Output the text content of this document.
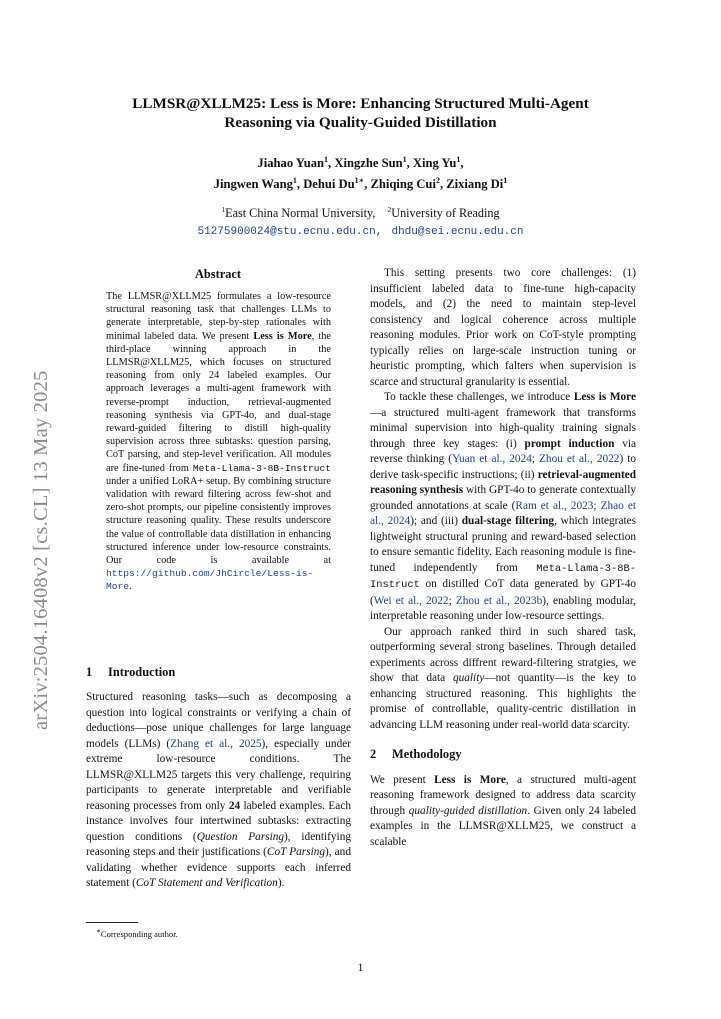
LLMSR@XLLM25: Less is More: Enhancing Structured Multi-Agent
Reasoning via Quality-Guided Distillation
Jiahao Yuan$^1$, Xingzhe Sun$^1$, Xing Yu$^1$,
Jingwen Wang$^1$, Dehui $Du^{1∗}$, Zhiqing Cui$^2$, Zixiang Di$^1$
$^1$East China Normal University, $^2$University of Reading
51275900024@stu.ecnu.edu.cn, dhdu@sei.ecnu.edu.cn
arXiv:2504.16408v2 [cs.CL] 13 May 2025
Abstract
The LLMSR@XLLM25 formulates a low-resource structural reasoning task that challenges LLMs to generate interpretable, step-by-step rationales with minimal labeled data. We present Less is More, the third-place winning approach in the LLMSR@XLLM25, which focuses on structured reasoning from only 24 labeled examples. Our approach leverages a multi-agent framework with reverse-prompt induction, retrieval-augmented reasoning synthesis via GPT-4o, and dual-stage reward-guided filtering to distill high-quality supervision across three subtasks: question parsing, CoT parsing, and step-level verification. All modules are fine-tuned from Meta-Llama-3-8B-Instruct under a unified LoRA+ setup. By combining structure validation with reward filtering across few-shot and zero-shot prompts, our pipeline consistently improves structure reasoning quality. These results underscore the value of controllable data distillation in enhancing structured inference under low-resource constraints. Our code is available at https://github.com/JhCircle/Less-is-More.
1 Introduction
Structured reasoning tasks—such as decomposing a question into logical constraints or verifying a chain of deductions—pose unique challenges for large language models (LLMs) (Zhang et al., 2025), especially under extreme low-resource conditions. The LLMSR@XLLM25 targets this very challenge, requiring participants to generate interpretable and verifiable reasoning processes from only 24 labeled examples. Each instance involves four intertwined subtasks: extracting question conditions (Question Parsing), identifying reasoning steps and their justifications (CoT Parsing), and validating whether evidence supports each inferred statement (CoT Statement and Verification).
∗Corresponding author.

This setting presents two core challenges: (1) insufficient labeled data to fine-tune high-capacity models, and (2) the need to maintain step-level consistency and logical coherence across multiple reasoning modules. Prior work on CoT-style prompting typically relies on large-scale instruction tuning or heuristic prompting, which falters when supervision is scarce and structural granularity is essential.

To tackle these challenges, we introduce Less is More—a structured multi-agent framework that transforms minimal supervision into high-quality training signals through three key stages: (i) prompt induction via reverse thinking (Yuan et al., 2024; Zhou et al., 2022) to derive task-specific instructions; (ii) retrieval-augmented reasoning synthesis with GPT-4o to generate contextually grounded annotations at scale (Ram et al., 2023; Zhao et al., 2024); and (iii) dual-stage filtering, which integrates lightweight structural pruning and reward-based selection to ensure semantic fidelity. Each reasoning module is fine-tuned independently from Meta-Llama-3-8B-Instruct on distilled CoT data generated by GPT-4o (Wei et al., 2022; Zhou et al., 2023b), enabling modular, interpretable reasoning under low-resource settings.

Our approach ranked third in such shared task, outperforming several strong baselines. Through detailed experiments across diffrent reward-filtering stratgies, we show that data quality—not quantity—is the key to enhancing structured reasoning. This highlights the promise of controllable, quality-centric distillation in advancing LLM reasoning under real-world data scarcity.

2 Methodology

We present Less is More, a structured multi-agent reasoning framework designed to address data scarcity through quality-guided distillation. Given only 24 labeled examples in the LLMSR@XLLM25, we construct a scalable

1
